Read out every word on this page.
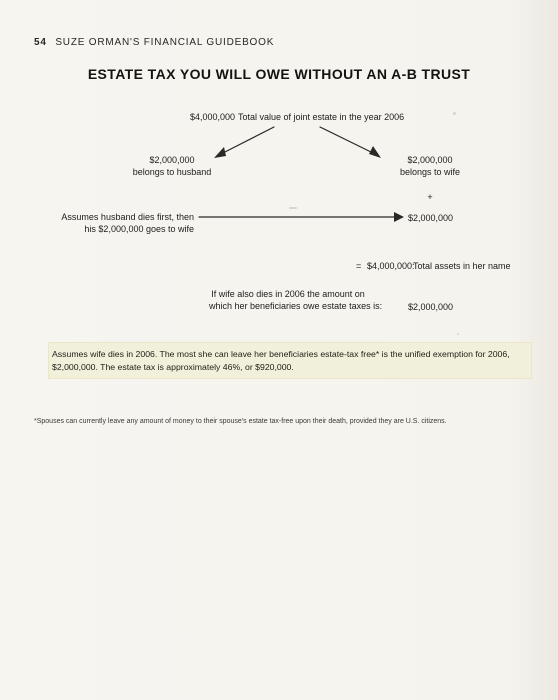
54 SUZE ORMAN'S FINANCIAL GUIDEBOOK
ESTATE TAX YOU WILL OWE WITHOUT AN A-B TRUST
$4,000,000 Total value of joint estate in the year 2006
$2,000,000
belongs to husband
$2,000,000
belongs to wife
+
Assumes husband dies first, then
his $2,000,000 goes to wife
$2,000,000
= $4,000,000:
Total assets in her name
If wife also dies in 2006 the amount on
which her beneficiaries owe estate taxes is:	$2,000,000
Assumes wife dies in 2006. The most she can leave her beneficiaries estate-tax free* is the unified exemption for 2006, $2,000,000. The estate tax is approximately 46%, or $920,000.
*Spouses can currently leave any amount of money to their spouse's estate tax-free upon their death, provided they are U.S. citizens.
